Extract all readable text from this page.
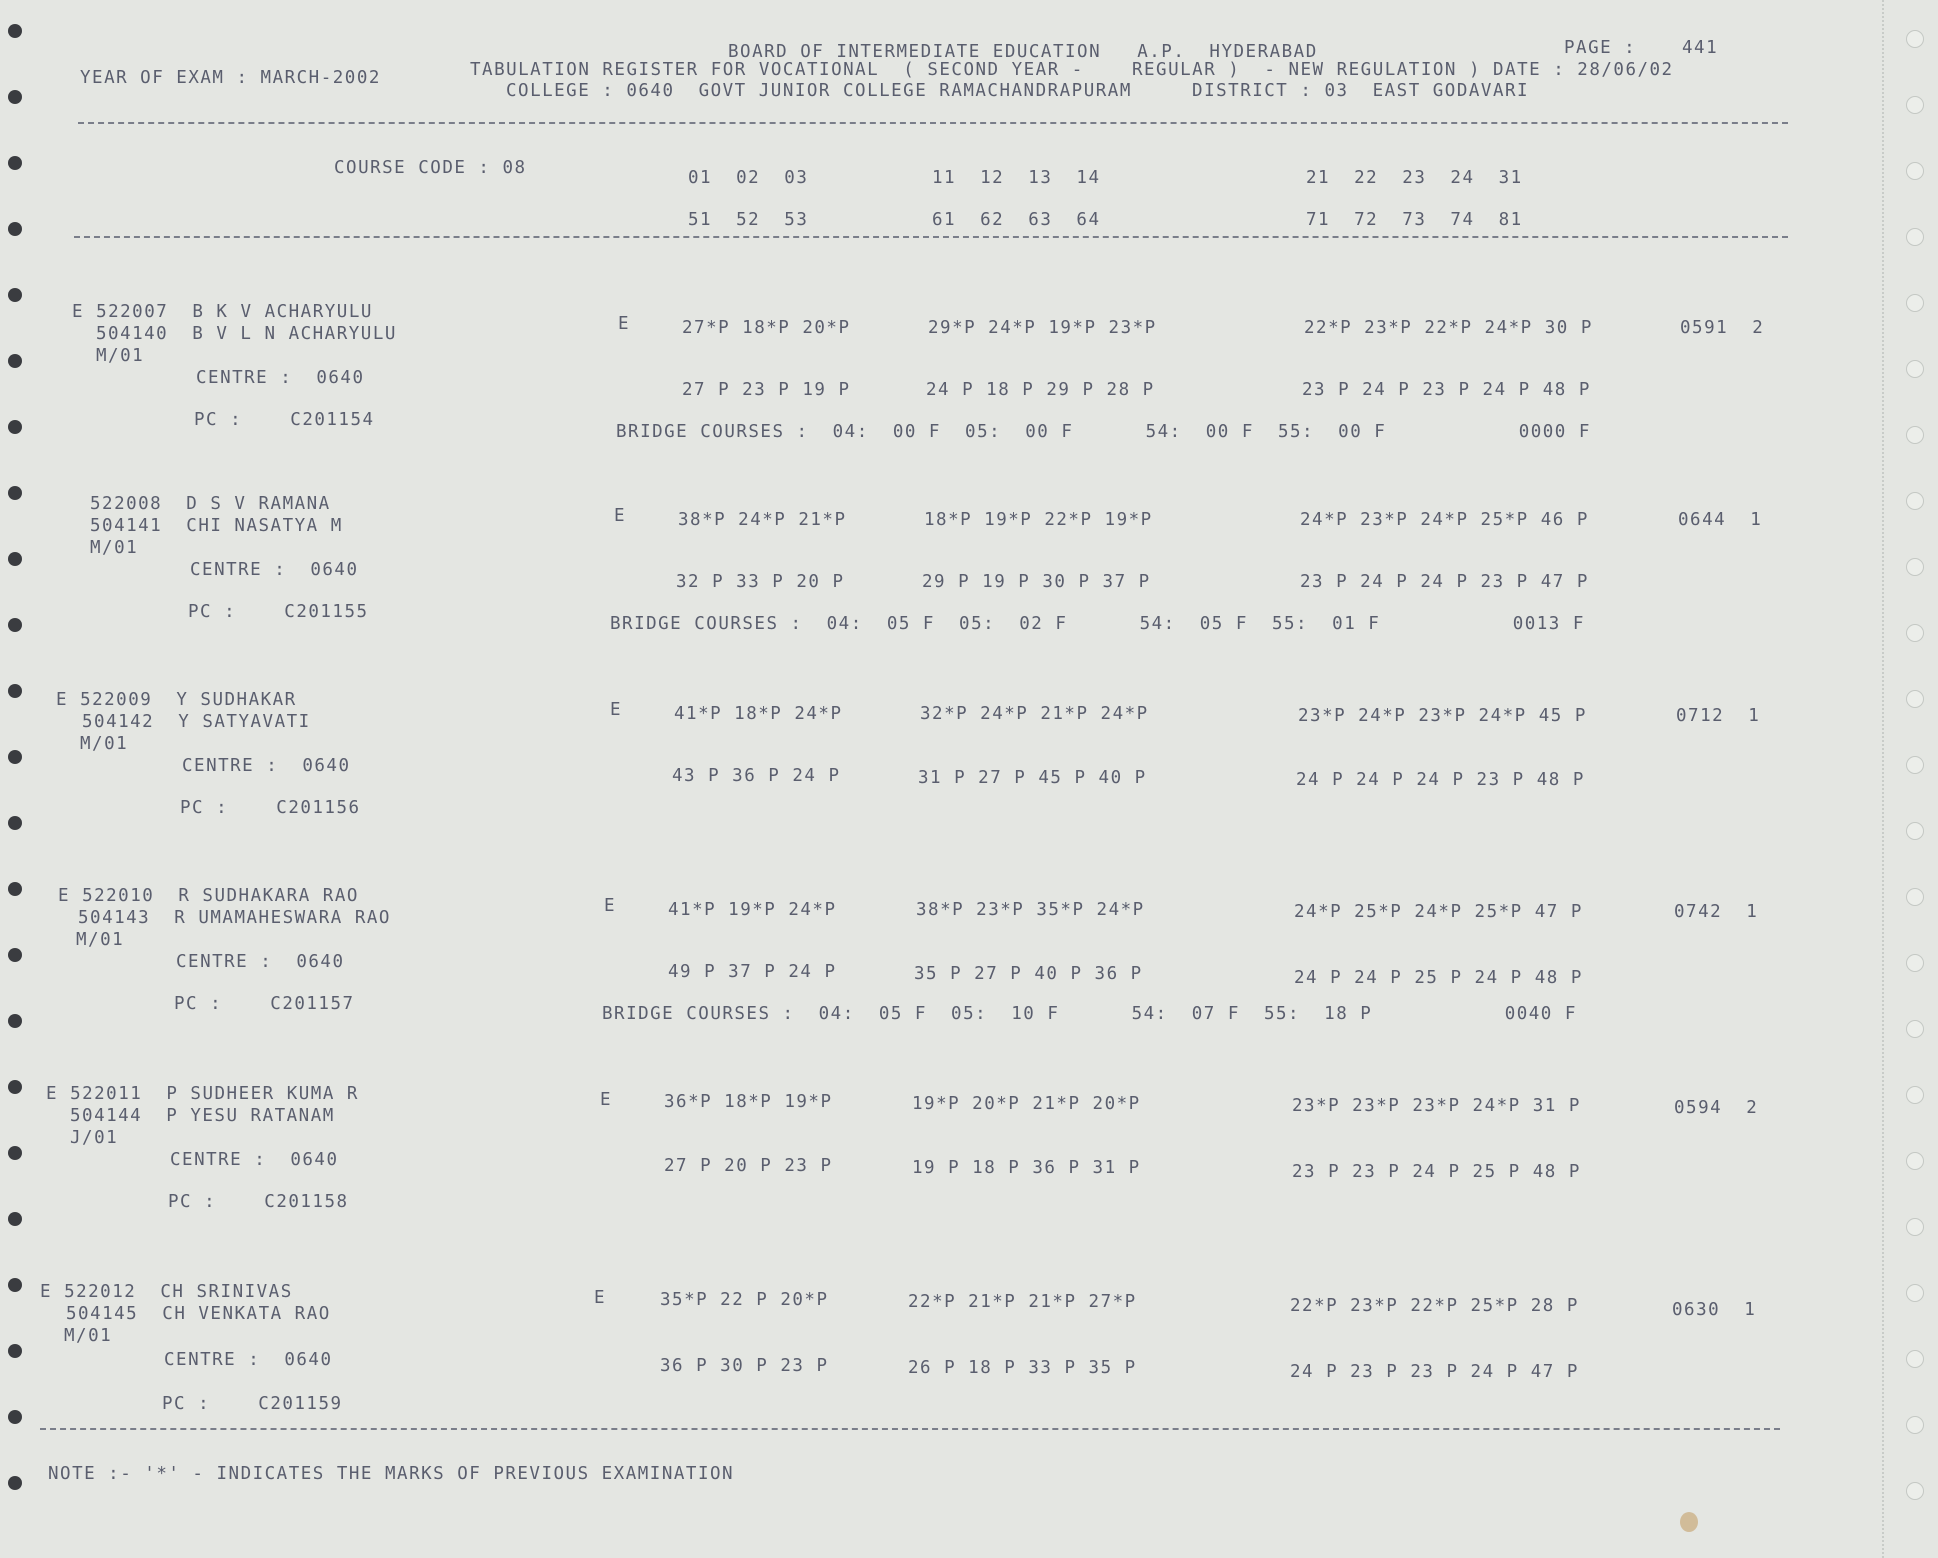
YEAR OF EXAM : MARCH-2002
BOARD OF INTERMEDIATE EDUCATION   A.P.  HYDERABAD	PAGE :	441
TABULATION REGISTER FOR VOCATIONAL  ( SECOND YEAR -    REGULAR )  - NEW REGULATION ) DATE : 28/06/02
COLLEGE : 0640  GOVT JUNIOR COLLEGE RAMACHANDRAPURAM     DISTRICT : 03  EAST GODAVARI
COURSE CODE : 08	01  02  03	11  12  13  14	21  22  23  24  31
51  52  53	61  62  63  64	71  72  73  74  81
E 522007  B K V ACHARYULU
504140  B V L N ACHARYULU
M/01
CENTRE :  0640
PC :    C201154
E	27*P 18*P 20*P	29*P 24*P 19*P 23*P	22*P 23*P 22*P 24*P 30 P	0591  2
27 P 23 P 19 P	24 P 18 P 29 P 28 P	23 P 24 P 23 P 24 P 48 P
BRIDGE COURSES :  04:  00 F  05:  00 F      54:  00 F  55:  00 F           0000 F
522008  D S V RAMANA
504141  CHI NASATYA M
M/01
CENTRE :  0640
PC :    C201155
E	38*P 24*P 21*P	18*P 19*P 22*P 19*P	24*P 23*P 24*P 25*P 46 P	0644  1
32 P 33 P 20 P	29 P 19 P 30 P 37 P	23 P 24 P 24 P 23 P 47 P
BRIDGE COURSES :  04:  05 F  05:  02 F      54:  05 F  55:  01 F           0013 F
E 522009  Y SUDHAKAR
504142  Y SATYAVATI
M/01
CENTRE :  0640
PC :    C201156
E	41*P 18*P 24*P	32*P 24*P 21*P 24*P	23*P 24*P 23*P 24*P 45 P	0712  1
43 P 36 P 24 P	31 P 27 P 45 P 40 P	24 P 24 P 24 P 23 P 48 P
E 522010  R SUDHAKARA RAO
504143  R UMAMAHESWARA RAO
M/01
CENTRE :  0640
PC :    C201157
E	41*P 19*P 24*P	38*P 23*P 35*P 24*P	24*P 25*P 24*P 25*P 47 P	0742  1
49 P 37 P 24 P	35 P 27 P 40 P 36 P	24 P 24 P 25 P 24 P 48 P
BRIDGE COURSES :  04:  05 F  05:  10 F      54:  07 F  55:  18 P           0040 F
E 522011  P SUDHEER KUMA R
504144  P YESU RATANAM
J/01
CENTRE :  0640
PC :    C201158
E	36*P 18*P 19*P	19*P 20*P 21*P 20*P	23*P 23*P 23*P 24*P 31 P	0594  2
27 P 20 P 23 P	19 P 18 P 36 P 31 P	23 P 23 P 24 P 25 P 48 P
E 522012  CH SRINIVAS
504145  CH VENKATA RAO
M/01
CENTRE :  0640
PC :    C201159
E	35*P 22 P 20*P	22*P 21*P 21*P 27*P	22*P 23*P 22*P 25*P 28 P	0630  1
36 P 30 P 23 P	26 P 18 P 33 P 35 P	24 P 23 P 23 P 24 P 47 P
NOTE :- '*' - INDICATES THE MARKS OF PREVIOUS EXAMINATION
